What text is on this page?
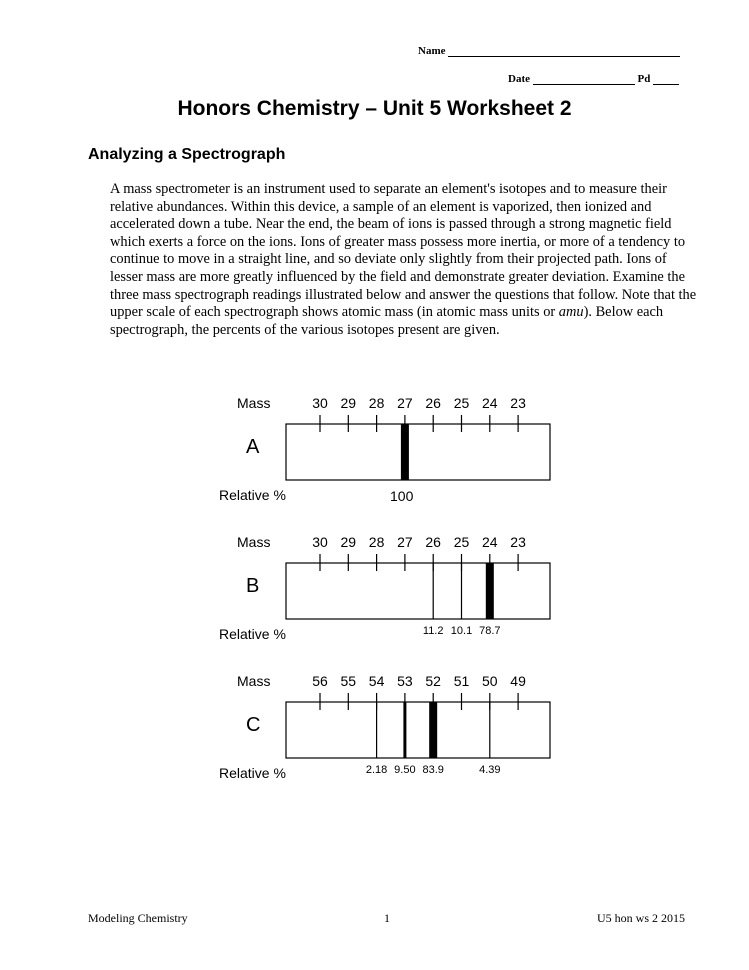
Name
Date	Pd
Honors Chemistry – Unit 5 Worksheet 2
Analyzing a Spectrograph

A mass spectrometer is an instrument used to separate an element's isotopes and to measure their relative abundances. Within this device, a sample of an element is vaporized, then ionized and accelerated down a tube. Near the end, the beam of ions is passed through a strong magnetic field which exerts a force on the ions. Ions of greater mass possess more inertia, or more of a tendency to continue to move in a straight line, and so deviate only slightly from their projected path. Ions of lesser mass are more greatly influenced by the field and demonstrate greater deviation. Examine the three mass spectrograph readings illustrated below and answer the questions that follow. Note that the upper scale of each spectrograph shows atomic mass (in atomic mass units or amu). Below each spectrograph, the percents of the various isotopes present are given.

Mass
A
Relative %
30 29 28 27 26 25 24 23
100
Mass
B
Relative %
30 29 28 27 26 25 24 23
11.2 10.1 78.7
Mass
C
Relative %
56 55 54 53 52 51 50 49
2.18 9.50 83.9	4.39
Modeling Chemistry	1	U5 hon ws 2 2015
